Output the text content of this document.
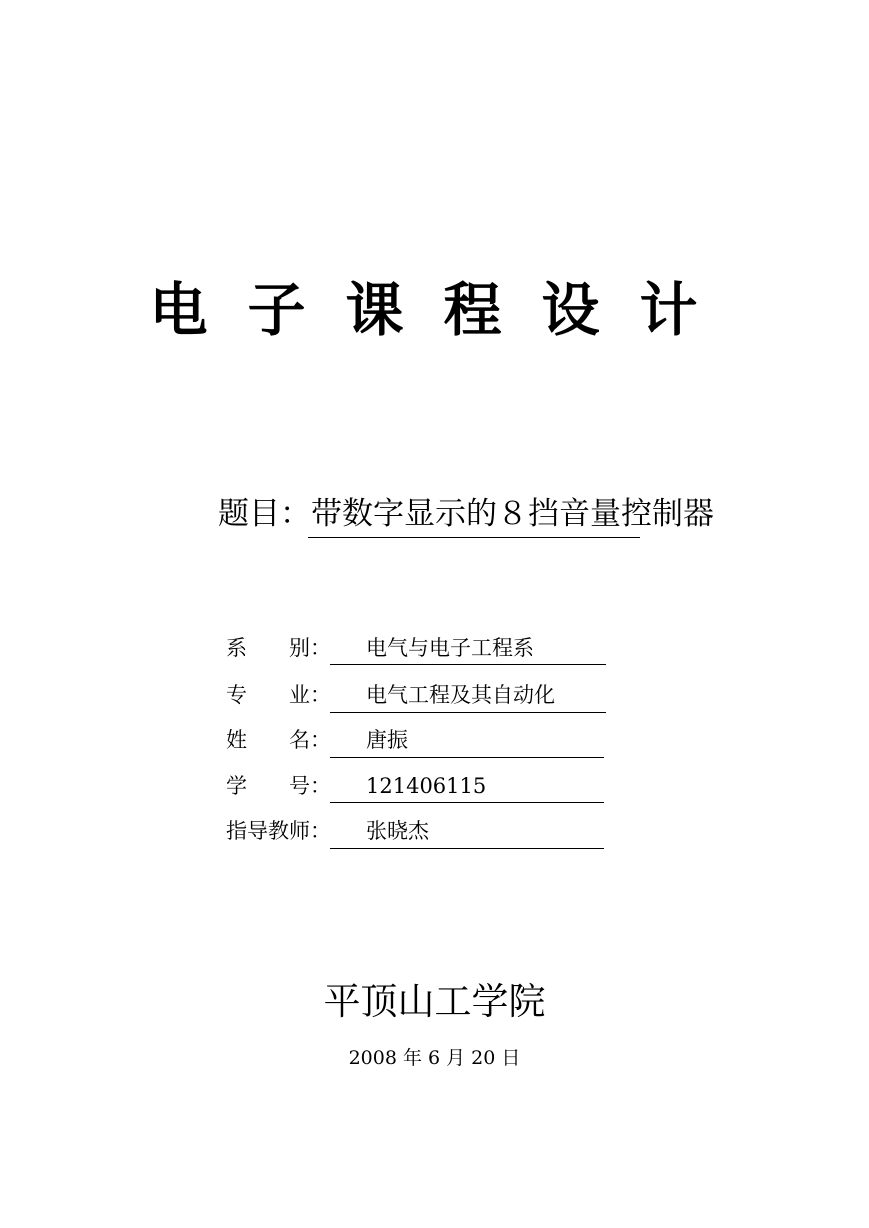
电子课程设计
题目：带数字显示的８挡音量控制器
系　　别： 电气与电子工程系
专　　业： 电气工程及其自动化
姓　　名： 唐振
学　　号： 121406115
指导教师： 张晓杰
平顶山工学院
2008 年 6 月 20 日
